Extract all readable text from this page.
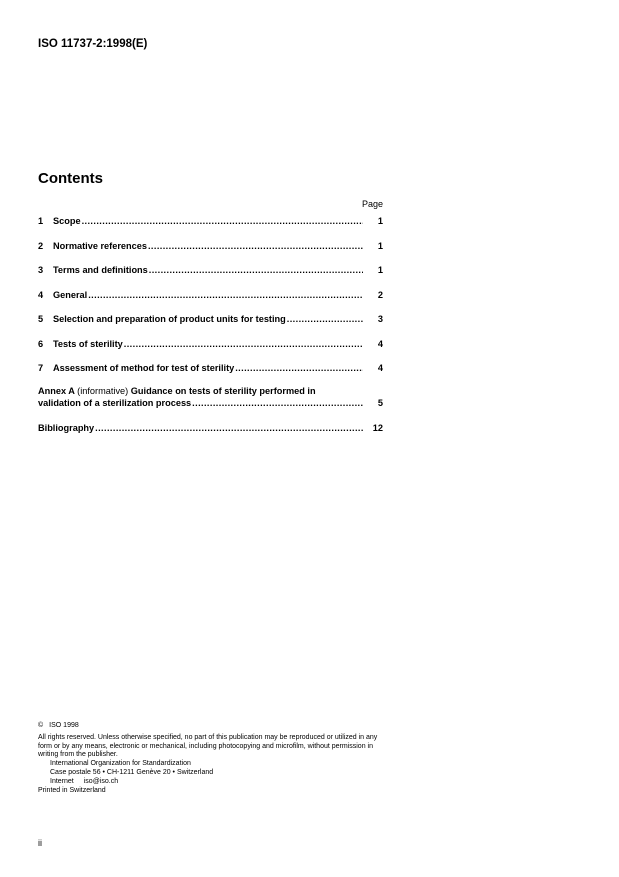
ISO 11737-2:1998(E)
Contents
Page
1	Scope .....	1
2	Normative references .....	1
3	Terms and definitions .....	1
4	General .....	2
5	Selection and preparation of product units for testing .....	3
6	Tests of sterility .....	4
7	Assessment of method for test of sterility .....	4
Annex A (informative) Guidance on tests of sterility performed in
validation of a sterilization process .....	5
Bibliography .....	12
© ISO 1998
All rights reserved. Unless otherwise specified, no part of this publication may be reproduced or utilized in any form or by any means, electronic or mechanical, including photocopying and microfilm, without permission in writing from the publisher.
International Organization for Standardization
Case postale 56 • CH-1211 Genève 20 • Switzerland
Internet iso@iso.ch
Printed in Switzerland
ii
